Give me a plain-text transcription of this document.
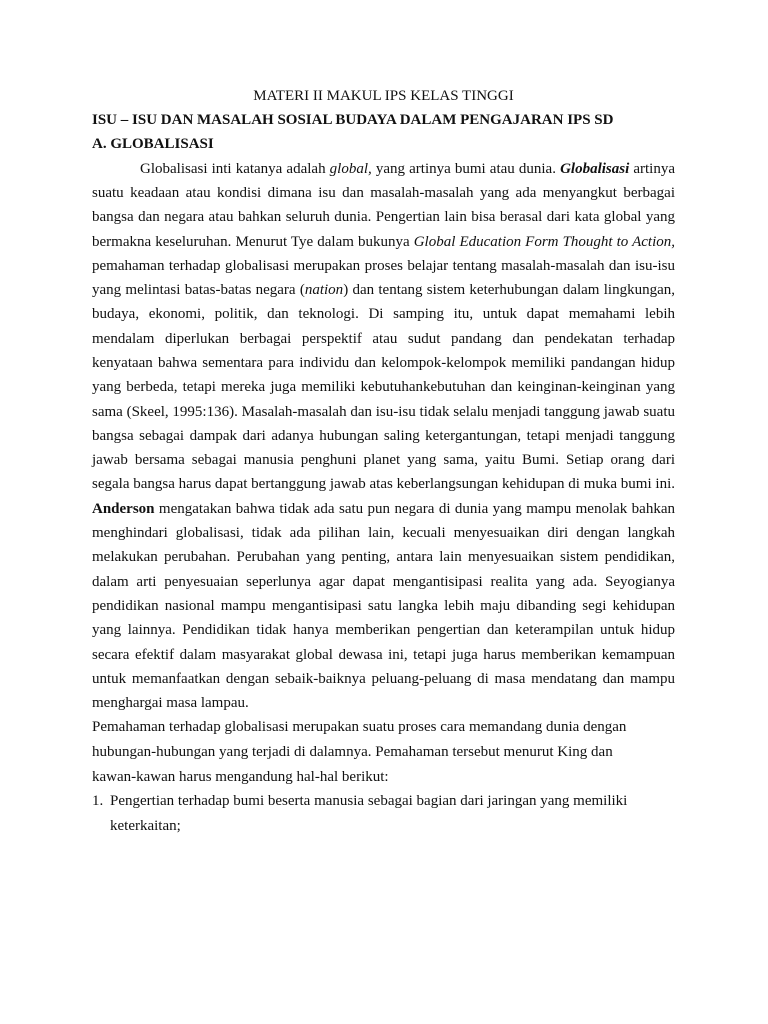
MATERI II MAKUL IPS KELAS TINGGI

ISU – ISU DAN MASALAH SOSIAL BUDAYA DALAM PENGAJARAN IPS SD

A. GLOBALISASI

Globalisasi inti katanya adalah global, yang artinya bumi atau dunia. Globalisasi artinya suatu keadaan atau kondisi dimana isu dan masalah-masalah yang ada menyangkut berbagai bangsa dan negara atau bahkan seluruh dunia. Pengertian lain bisa berasal dari kata global yang bermakna keseluruhan. Menurut Tye dalam bukunya Global Education Form Thought to Action, pemahaman terhadap globalisasi merupakan proses belajar tentang masalah-masalah dan isu-isu yang melintasi batas-batas negara (nation) dan tentang sistem keterhubungan dalam lingkungan, budaya, ekonomi, politik, dan teknologi. Di samping itu, untuk dapat memahami lebih mendalam diperlukan berbagai perspektif atau sudut pandang dan pendekatan terhadap kenyataan bahwa sementara para individu dan kelompok-kelompok memiliki pandangan hidup yang berbeda, tetapi mereka juga memiliki kebutuhankebutuhan dan keinginan-keinginan yang sama (Skeel, 1995:136). Masalah-masalah dan isu-isu tidak selalu menjadi tanggung jawab suatu bangsa sebagai dampak dari adanya hubungan saling ketergantungan, tetapi menjadi tanggung jawab bersama sebagai manusia penghuni planet yang sama, yaitu Bumi. Setiap orang dari segala bangsa harus dapat bertanggung jawab atas keberlangsungan kehidupan di muka bumi ini. Anderson mengatakan bahwa tidak ada satu pun negara di dunia yang mampu menolak bahkan menghindari globalisasi, tidak ada pilihan lain, kecuali menyesuaikan diri dengan langkah melakukan perubahan. Perubahan yang penting, antara lain menyesuaikan sistem pendidikan, dalam arti penyesuaian seperlunya agar dapat mengantisipasi realita yang ada. Seyogianya pendidikan nasional mampu mengantisipasi satu langka lebih maju dibanding segi kehidupan yang lainnya. Pendidikan tidak hanya memberikan pengertian dan keterampilan untuk hidup secara efektif dalam masyarakat global dewasa ini, tetapi juga harus memberikan kemampuan untuk memanfaatkan dengan sebaik-baiknya peluang-peluang di masa mendatang dan mampu menghargai masa lampau.

Pemahaman terhadap globalisasi merupakan suatu proses cara memandang dunia dengan
hubungan-hubungan yang terjadi di dalamnya. Pemahaman tersebut menurut King dan
kawan-kawan harus mengandung hal-hal berikut:

1. Pengertian terhadap bumi beserta manusia sebagai bagian dari jaringan yang memiliki keterkaitan;
